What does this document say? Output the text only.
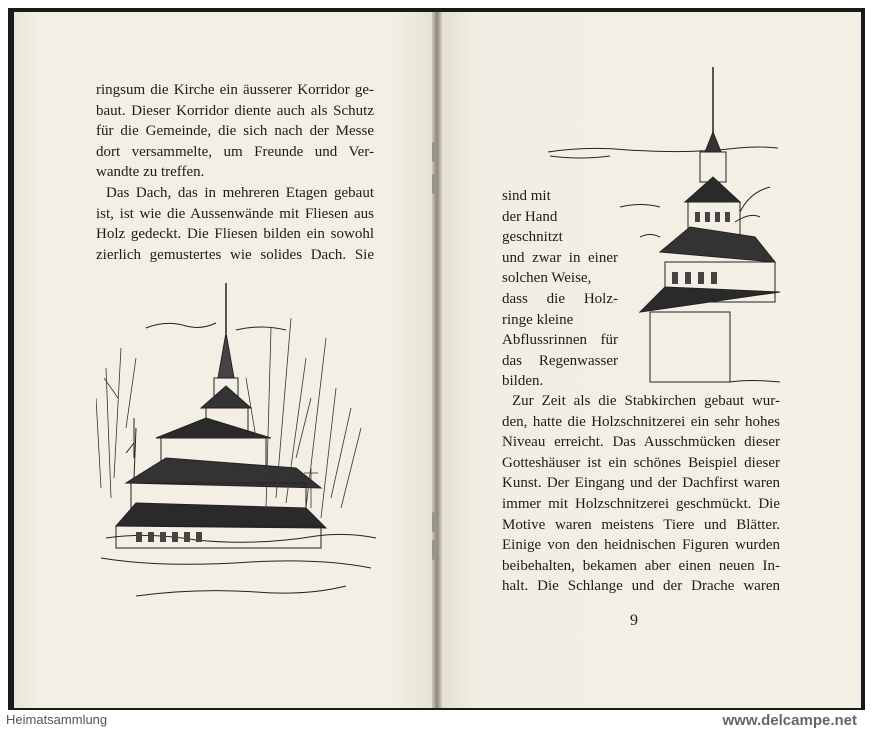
ringsum die Kirche ein äusserer Korridor ge-
baut. Dieser Korridor diente auch als Schutz
für die Gemeinde, die sich nach der Messe
dort versammelte, um Freunde und Ver-
wandte zu treffen.
Das Dach, das in mehreren Etagen gebaut
ist, ist wie die Aussenwände mit Fliesen aus
Holz gedeckt. Die Fliesen bilden ein sowohl
zierlich gemustertes wie solides Dach. Sie
sind mit
der Hand
geschnitzt
und zwar in einer
solchen Weise,
dass die Holz-
ringe kleine
Abflussrinnen für
das Regenwasser
bilden.
Zur Zeit als die Stabkirchen gebaut wur-
den, hatte die Holzschnitzerei ein sehr hohes
Niveau erreicht. Das Ausschmücken dieser
Gotteshäuser ist ein schönes Beispiel dieser
Kunst. Der Eingang und der Dachfirst waren
immer mit Holzschnitzerei geschmückt. Die
Motive waren meistens Tiere und Blätter.
Einige von den heidnischen Figuren wurden
beibehalten, bekamen aber einen neuen In-
halt. Die Schlange und der Drache waren
9
Heimatsammlung	www.delcampe.net
